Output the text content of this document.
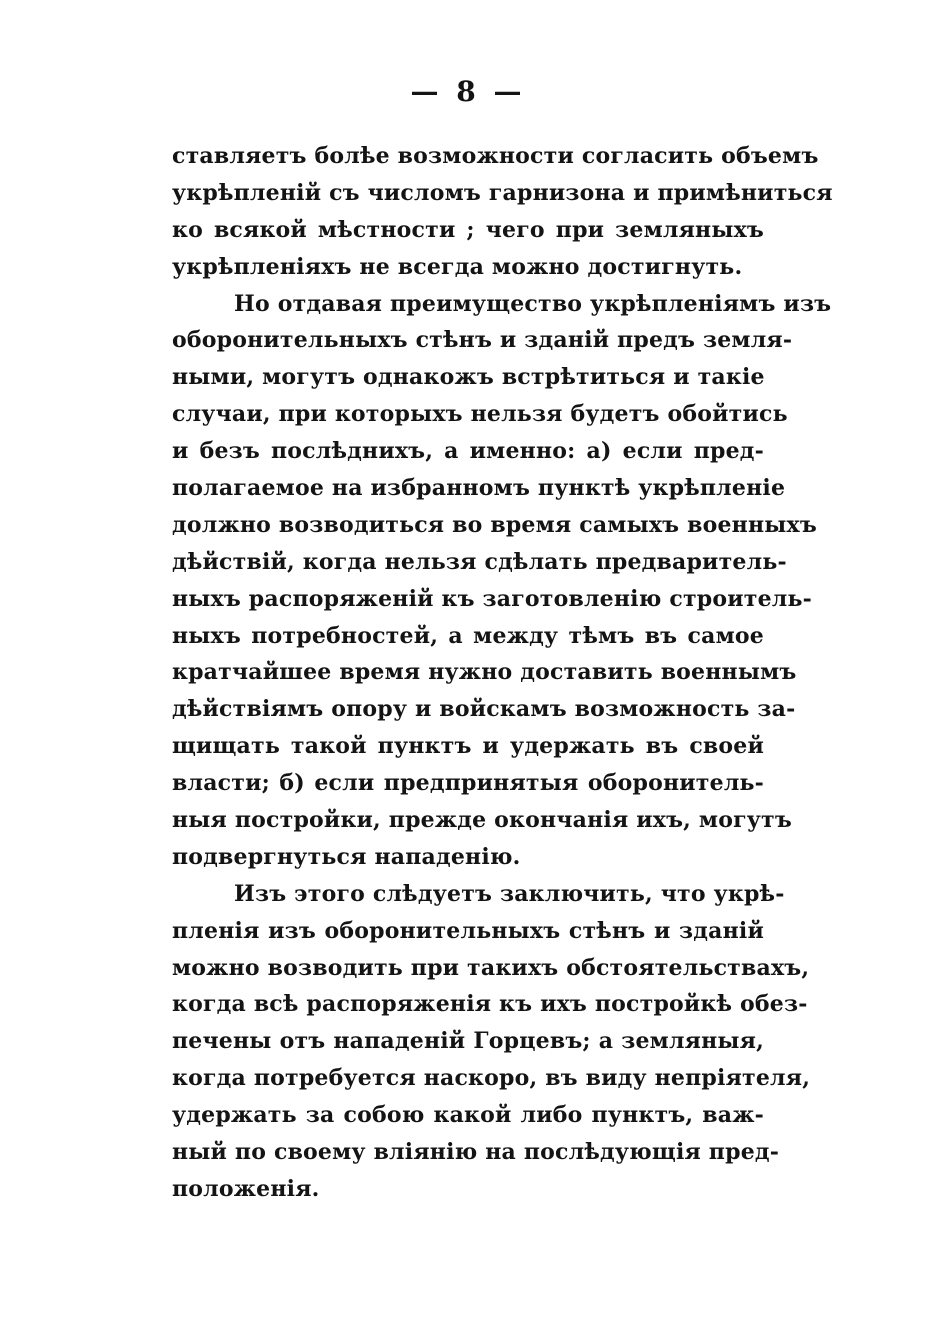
— 8 —
ставляетъ болѣе возможности согласить объемъ
укрѣпленій съ числомъ гарнизона и примѣниться
ко всякой мѣстности ; чего при земляныхъ
укрѣпленіяхъ не всегда можно достигнуть.
Но отдавая преимущество укрѣпленіямъ изъ
оборонительныхъ стѣнъ и зданій предъ земля-
ными, могутъ однакожъ встрѣтиться и такіе
случаи, при которыхъ нельзя будетъ обойтись
и безъ послѣднихъ, а именно: а) если пред-
полагаемое на избранномъ пунктѣ укрѣпленіе
должно возводиться во время самыхъ военныхъ
дѣйствій, когда нельзя сдѣлать предваритель-
ныхъ распоряженій къ заготовленію строитель-
ныхъ потребностей, а между тѣмъ въ самое
кратчайшее время нужно доставить военнымъ
дѣйствіямъ опору и войскамъ возможность за-
щищать такой пунктъ и удержать въ своей
власти; б) если предпринятыя оборонитель-
ныя постройки, прежде окончанія ихъ, могутъ
подвергнуться нападенію.
Изъ этого слѣдуетъ заключить, что укрѣ-
пленія изъ оборонительныхъ стѣнъ и зданій
можно возводить при такихъ обстоятельствахъ,
когда всѣ распоряженія къ ихъ постройкѣ обез-
печены отъ нападеній Горцевъ; а земляныя,
когда потребуется наскоро, въ виду непріятеля,
удержать за собою какой либо пунктъ, важ-
ный по своему вліянію на послѣдующія пред-
положенія.
